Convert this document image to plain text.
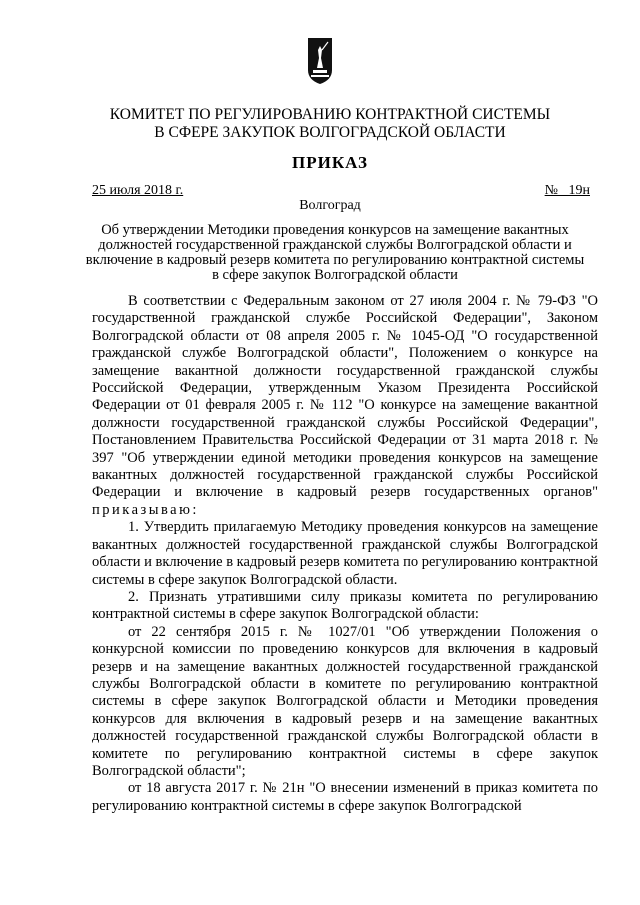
КОМИТЕТ ПО РЕГУЛИРОВАНИЮ КОНТРАКТНОЙ СИСТЕМЫ
В СФЕРЕ ЗАКУПОК ВОЛГОГРАДСКОЙ ОБЛАСТИ
ПРИКАЗ
25 июля 2018 г.	№   19н
Волгоград
Об утверждении Методики проведения конкурсов на замещение вакантных должностей государственной гражданской службы Волгоградской области и включение в кадровый резерв комитета по регулированию контрактной системы в сфере закупок Волгоградской области

В соответствии с Федеральным законом от 27 июля 2004 г. № 79-ФЗ "О государственной гражданской службе Российской Федерации", Законом Волгоградской области от 08 апреля 2005 г. № 1045-ОД "О государственной гражданской службе Волгоградской области", Положением о конкурсе на замещение вакантной должности государственной гражданской службы Российской Федерации, утвержденным Указом Президента Российской Федерации от 01 февраля 2005 г. № 112 "О конкурсе на замещение вакантной должности государственной гражданской службы Российской Федерации", Постановлением Правительства Российской Федерации от 31 марта 2018 г. № 397 "Об утверждении единой методики проведения конкурсов на замещение вакантных должностей государственной гражданской службы Российской Федерации и включение в кадровый резерв государственных органов" приказываю:

1. Утвердить прилагаемую Методику проведения конкурсов на замещение вакантных должностей государственной гражданской службы Волгоградской области и включение в кадровый резерв комитета по регулированию контрактной системы в сфере закупок Волгоградской области.

2. Признать утратившими силу приказы комитета по регулированию контрактной системы в сфере закупок Волгоградской области:

от 22 сентября 2015 г. № 1027/01 "Об утверждении Положения о конкурсной комиссии по проведению конкурсов для включения в кадровый резерв и на замещение вакантных должностей государственной гражданской службы Волгоградской области в комитете по регулированию контрактной системы в сфере закупок Волгоградской области и Методики проведения конкурсов для включения в кадровый резерв и на замещение вакантных должностей государственной гражданской службы Волгоградской области в комитете по регулированию контрактной системы в сфере закупок Волгоградской области";

от 18 августа 2017 г. № 21н "О внесении изменений в приказ комитета по регулированию контрактной системы в сфере закупок Волгоградской
